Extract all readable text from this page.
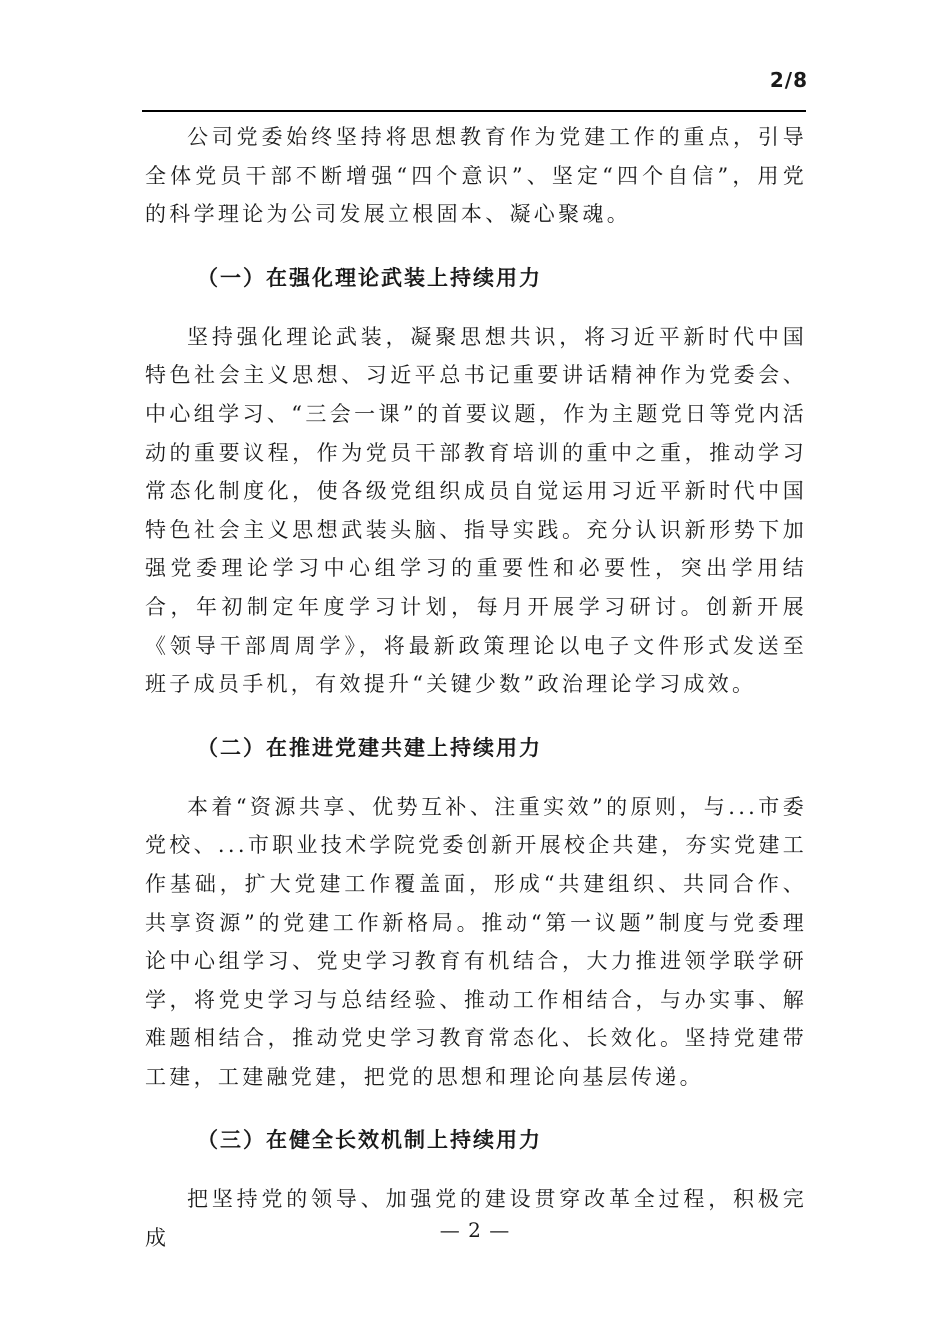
2/8

公司党委始终坚持将思想教育作为党建工作的重点，引导全体党员干部不断增强“四个意识”、坚定“四个自信”，用党的科学理论为公司发展立根固本、凝心聚魂。

（一）在强化理论武装上持续用力

坚持强化理论武装，凝聚思想共识，将习近平新时代中国特色社会主义思想、习近平总书记重要讲话精神作为党委会、中心组学习、“三会一课”的首要议题，作为主题党日等党内活动的重要议程，作为党员干部教育培训的重中之重，推动学习常态化制度化，使各级党组织成员自觉运用习近平新时代中国特色社会主义思想武装头脑、指导实践。充分认识新形势下加强党委理论学习中心组学习的重要性和必要性，突出学用结合，年初制定年度学习计划，每月开展学习研讨。创新开展《领导干部周周学》，将最新政策理论以电子文件形式发送至班子成员手机，有效提升“关键少数”政治理论学习成效。

（二）在推进党建共建上持续用力

本着“资源共享、优势互补、注重实效”的原则，与...市委党校、...市职业技术学院党委创新开展校企共建，夯实党建工作基础，扩大党建工作覆盖面，形成“共建组织、共同合作、共享资源”的党建工作新格局。推动“第一议题”制度与党委理论中心组学习、党史学习教育有机结合，大力推进领学联学研学，将党史学习与总结经验、推动工作相结合，与办实事、解难题相结合，推动党史学习教育常态化、长效化。坚持党建带工建，工建融党建，把党的思想和理论向基层传递。

（三）在健全长效机制上持续用力

把坚持党的领导、加强党的建设贯穿改革全过程，积极完成	— 2 —
